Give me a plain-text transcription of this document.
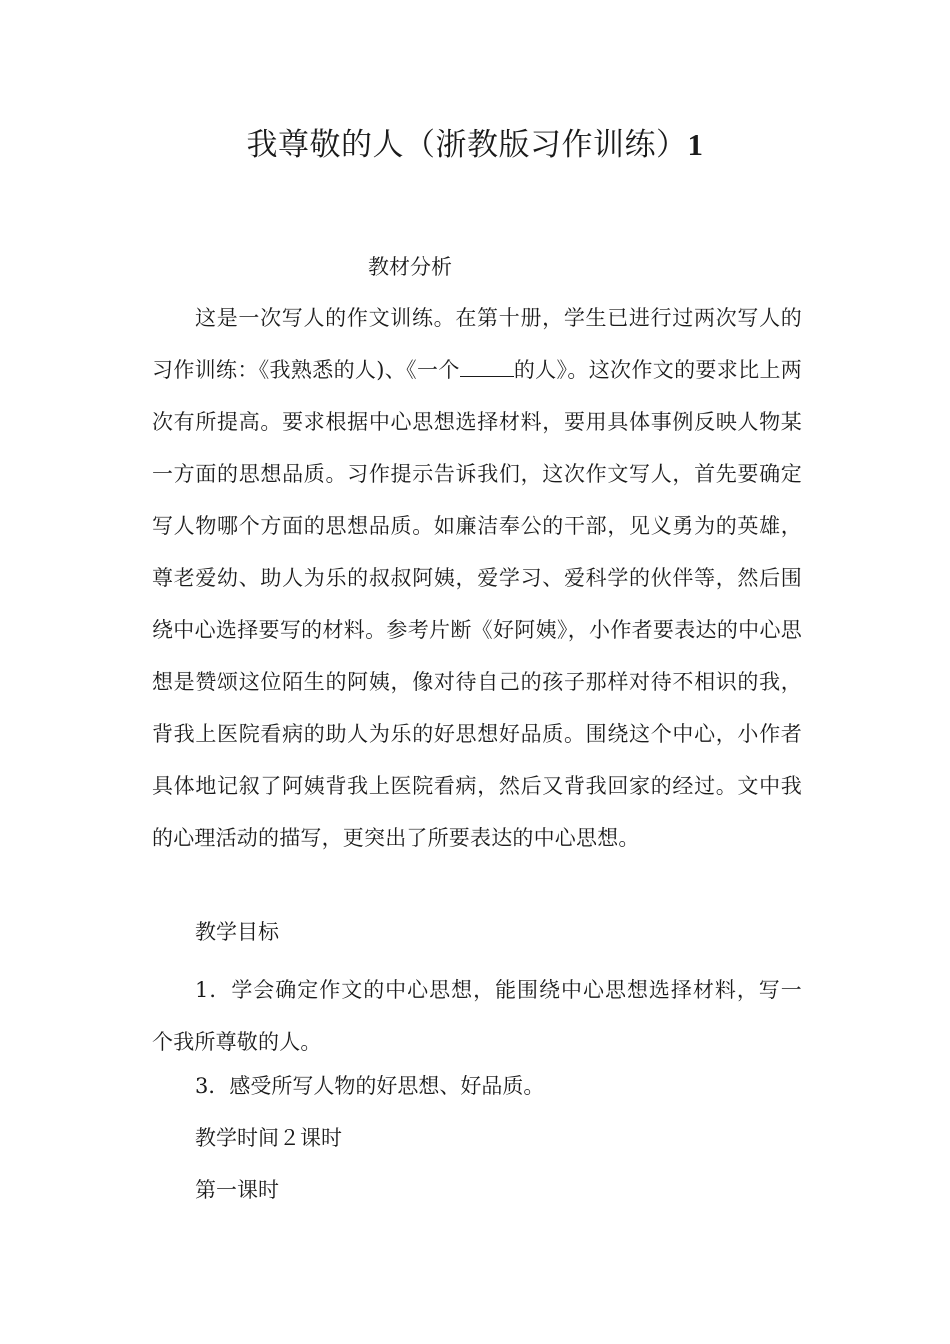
我尊敬的人（浙教版习作训练）1
教材分析
这是一次写人的作文训练。在第十册，学生已进行过两次写人的习作训练：《我熟悉的人)、《一个	的人》。这次作文的要求比上两次有所提高。要求根据中心思想选择材料，要用具体事例反映人物某一方面的思想品质。习作提示告诉我们，这次作文写人，首先要确定写人物哪个方面的思想品质。如廉洁奉公的干部，见义勇为的英雄，尊老爱幼、助人为乐的叔叔阿姨，爱学习、爱科学的伙伴等，然后围绕中心选择要写的材料。参考片断《好阿姨》，小作者要表达的中心思想是赞颂这位陌生的阿姨，像对待自己的孩子那样对待不相识的我，背我上医院看病的助人为乐的好思想好品质。围绕这个中心，小作者具体地记叙了阿姨背我上医院看病，然后又背我回家的经过。文中我的心理活动的描写，更突出了所要表达的中心思想。
教学目标
1．学会确定作文的中心思想，能围绕中心思想选择材料，写一个我所尊敬的人。
3．感受所写人物的好思想、好品质。
教学时间２课时
第一课时
